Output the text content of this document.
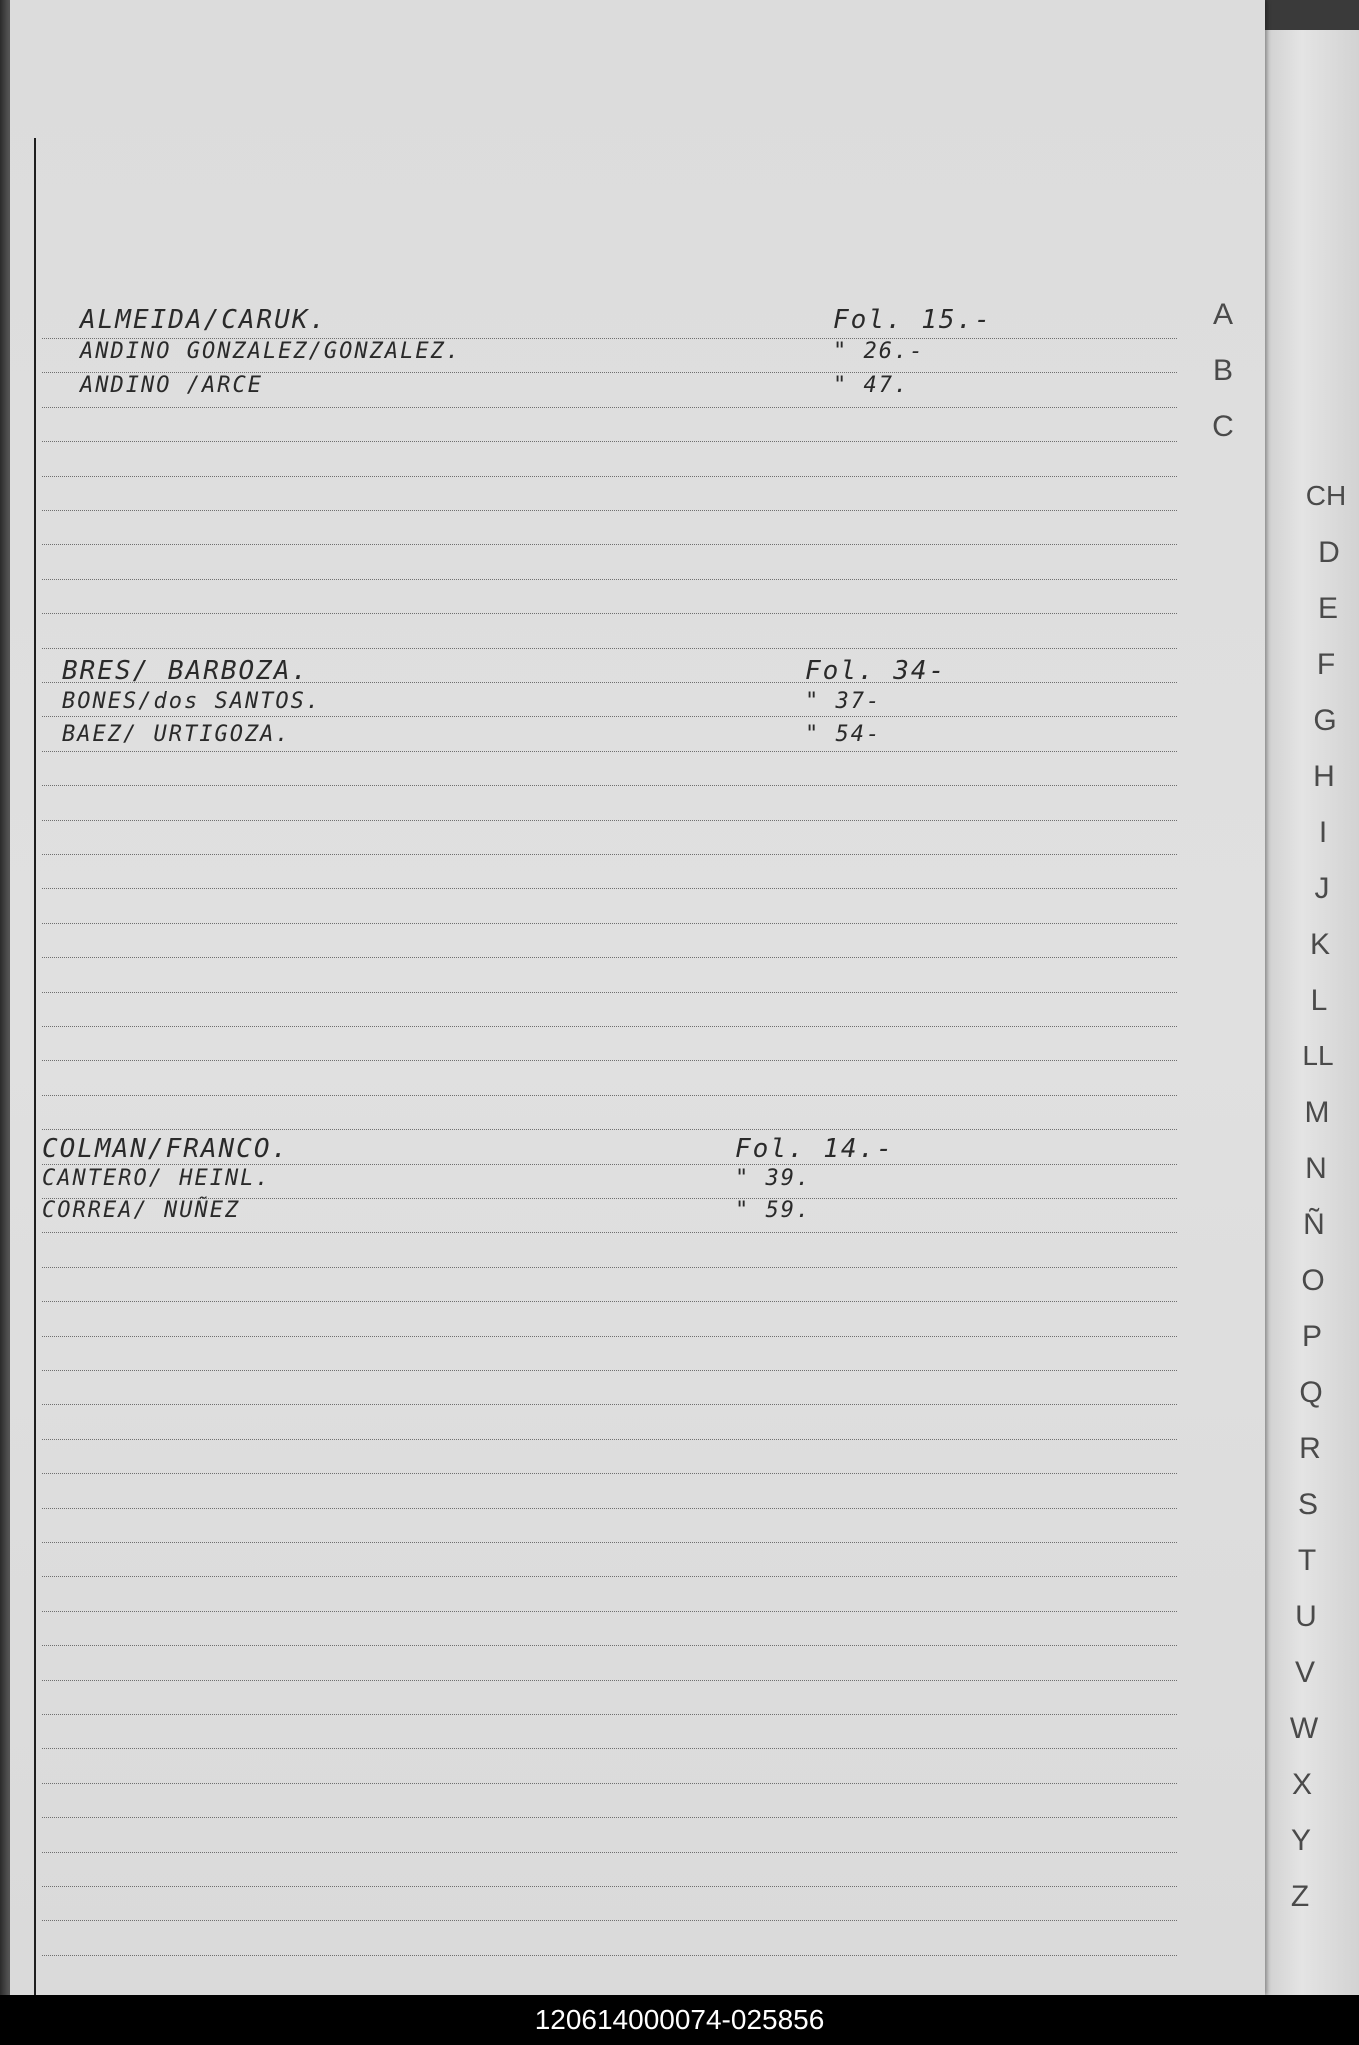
ALMEIDA/CARUK.	Fol. 15.-
ANDINO GONZALEZ/GONZALEZ.	" 26.-
ANDINO /ARCE	" 47.
BRES/ BARBOZA.	Fol. 34-
BONES/dos SANTOS.	" 37-
BAEZ/ URTIGOZA.	" 54-
COLMAN/FRANCO.	Fol. 14.-
CANTERO/ HEINL.	" 39.
CORREA/ NUÑEZ	" 59.
A
B
C
CH
D
E
F
G
H
I
J
K
L
LL
M
N
Ñ
O
P
Q
R
S
T
U
V
W
X
Y
Z
120614000074-025856
